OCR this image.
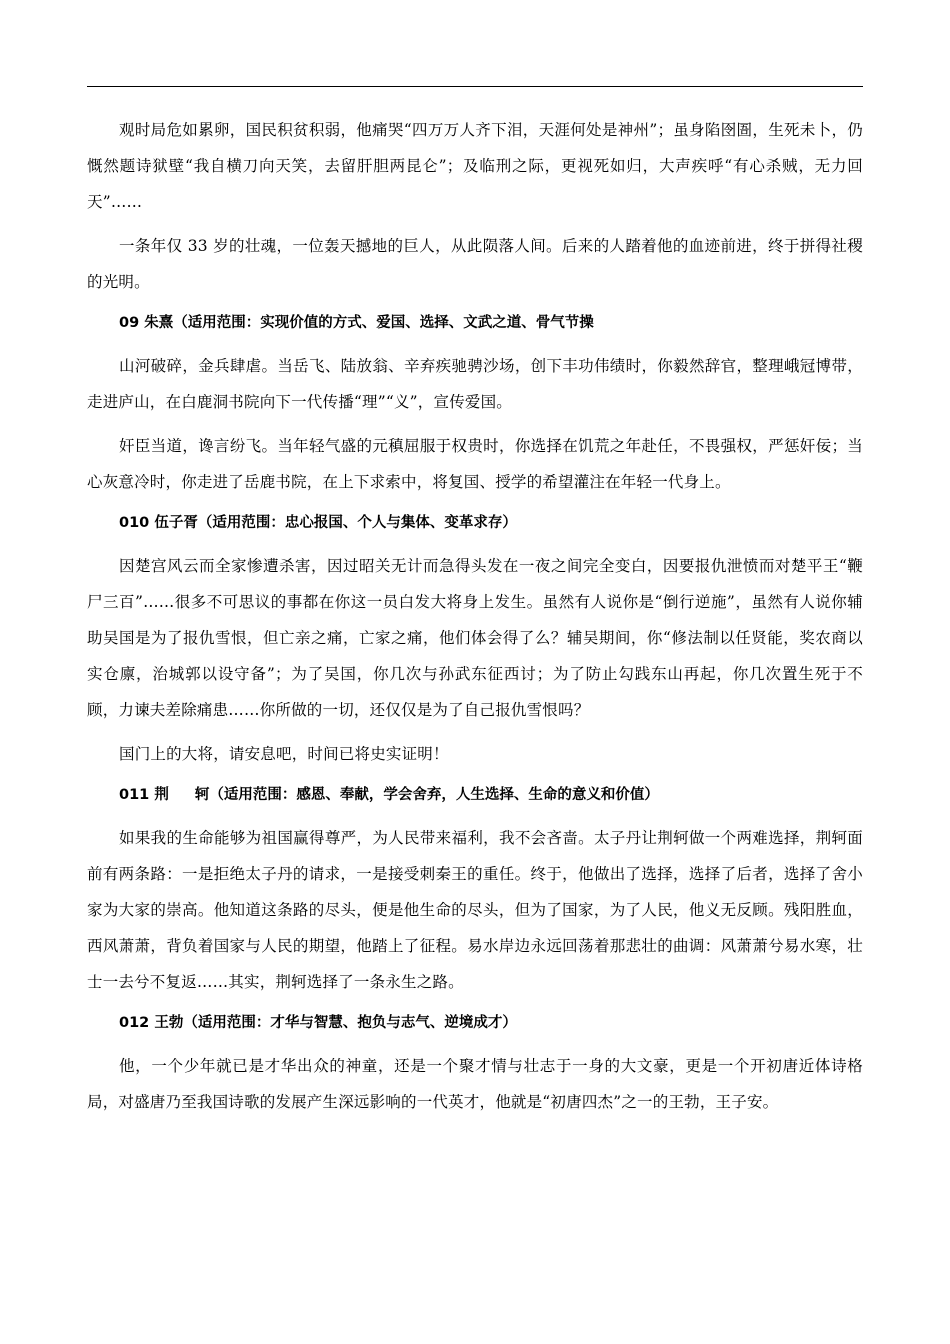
观时局危如累卵，国民积贫积弱，他痛哭“四万万人齐下泪，天涯何处是神州”；虽身陷囹圄，生死未卜，仍慨然题诗狱壁“我自横刀向天笑，去留肝胆两昆仑”；及临刑之际，更视死如归，大声疾呼“有心杀贼，无力回天”……

一条年仅 33 岁的壮魂，一位轰天撼地的巨人，从此陨落人间。后来的人踏着他的血迹前进，终于拼得社稷的光明。

09 朱熹（适用范围：实现价值的方式、爱国、选择、文武之道、骨气节操

山河破碎，金兵肆虐。当岳飞、陆放翁、辛弃疾驰骋沙场，创下丰功伟绩时，你毅然辞官，整理峨冠博带，走进庐山，在白鹿洞书院向下一代传播“理”“义”，宣传爱国。

奸臣当道，谗言纷飞。当年轻气盛的元稹屈服于权贵时，你选择在饥荒之年赴任，不畏强权，严惩奸佞；当心灰意冷时，你走进了岳鹿书院，在上下求索中，将复国、授学的希望灌注在年轻一代身上。

010 伍子胥（适用范围：忠心报国、个人与集体、变革求存）

因楚宫风云而全家惨遭杀害，因过昭关无计而急得头发在一夜之间完全变白，因要报仇泄愤而对楚平王“鞭尸三百”……很多不可思议的事都在你这一员白发大将身上发生。虽然有人说你是“倒行逆施”，虽然有人说你辅助吴国是为了报仇雪恨，但亡亲之痛，亡家之痛，他们体会得了么？辅吴期间，你“修法制以任贤能，奖农商以实仓廪，治城郭以设守备”；为了吴国，你几次与孙武东征西讨；为了防止勾践东山再起，你几次置生死于不顾，力谏夫差除痛患……你所做的一切，还仅仅是为了自己报仇雪恨吗？

国门上的大将，请安息吧，时间已将史实证明！

011 荆 轲（适用范围：感恩、奉献，学会舍弃，人生选择、生命的意义和价值）

如果我的生命能够为祖国赢得尊严，为人民带来福利，我不会吝啬。太子丹让荆轲做一个两难选择，荆轲面前有两条路：一是拒绝太子丹的请求，一是接受刺秦王的重任。终于，他做出了选择，选择了后者，选择了舍小家为大家的崇高。他知道这条路的尽头，便是他生命的尽头，但为了国家，为了人民，他义无反顾。残阳胜血，西风萧萧，背负着国家与人民的期望，他踏上了征程。易水岸边永远回荡着那悲壮的曲调：风萧萧兮易水寒，壮士一去兮不复返……其实，荆轲选择了一条永生之路。

012 王勃（适用范围：才华与智慧、抱负与志气、逆境成才）

他，一个少年就已是才华出众的神童，还是一个聚才情与壮志于一身的大文豪，更是一个开初唐近体诗格局，对盛唐乃至我国诗歌的发展产生深远影响的一代英才，他就是“初唐四杰”之一的王勃，王子安。
